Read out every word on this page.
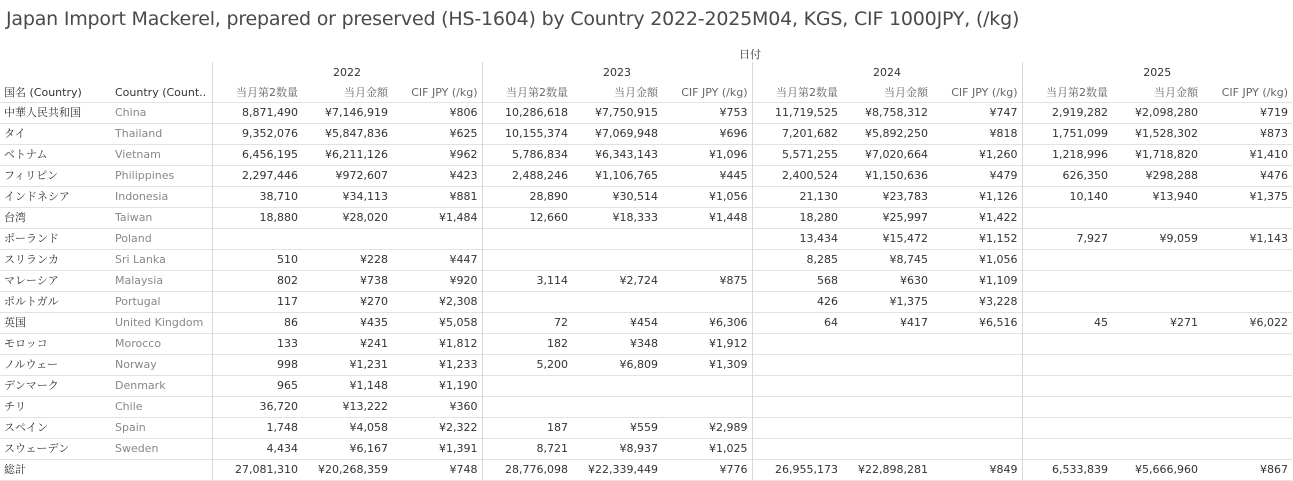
Japan Import Mackerel, prepared or preserved (HS-1604) by Country 2022-2025M04, KGS, CIF 1000JPY, (/kg)
日付
		2022			2023			2024			2025		
国名 (Country)	Country (Count..	当月第2数量	当月金額	CIF JPY (/kg)	当月第2数量	当月金額	CIF JPY (/kg)	当月第2数量	当月金額	CIF JPY (/kg)	当月第2数量	当月金額	CIF JPY (/kg)
中華人民共和国	China	8,871,490	¥7,146,919	¥806	10,286,618	¥7,750,915	¥753	11,719,525	¥8,758,312	¥747	2,919,282	¥2,098,280	¥719
タイ	Thailand	9,352,076	¥5,847,836	¥625	10,155,374	¥7,069,948	¥696	7,201,682	¥5,892,250	¥818	1,751,099	¥1,528,302	¥873
ベトナム	Vietnam	6,456,195	¥6,211,126	¥962	5,786,834	¥6,343,143	¥1,096	5,571,255	¥7,020,664	¥1,260	1,218,996	¥1,718,820	¥1,410
フィリピン	Philippines	2,297,446	¥972,607	¥423	2,488,246	¥1,106,765	¥445	2,400,524	¥1,150,636	¥479	626,350	¥298,288	¥476
インドネシア	Indonesia	38,710	¥34,113	¥881	28,890	¥30,514	¥1,056	21,130	¥23,783	¥1,126	10,140	¥13,940	¥1,375
台湾	Taiwan	18,880	¥28,020	¥1,484	12,660	¥18,333	¥1,448	18,280	¥25,997	¥1,422			
ポーランド	Poland							13,434	¥15,472	¥1,152	7,927	¥9,059	¥1,143
スリランカ	Sri Lanka	510	¥228	¥447				8,285	¥8,745	¥1,056			
マレーシア	Malaysia	802	¥738	¥920	3,114	¥2,724	¥875	568	¥630	¥1,109			
ポルトガル	Portugal	117	¥270	¥2,308				426	¥1,375	¥3,228			
英国	United Kingdom	86	¥435	¥5,058	72	¥454	¥6,306	64	¥417	¥6,516	45	¥271	¥6,022
モロッコ	Morocco	133	¥241	¥1,812	182	¥348	¥1,912						
ノルウェー	Norway	998	¥1,231	¥1,233	5,200	¥6,809	¥1,309						
デンマーク	Denmark	965	¥1,148	¥1,190									
チリ	Chile	36,720	¥13,222	¥360									
スペイン	Spain	1,748	¥4,058	¥2,322	187	¥559	¥2,989						
スウェーデン	Sweden	4,434	¥6,167	¥1,391	8,721	¥8,937	¥1,025						
総計		27,081,310	¥20,268,359	¥748	28,776,098	¥22,339,449	¥776	26,955,173	¥22,898,281	¥849	6,533,839	¥5,666,960	¥867
